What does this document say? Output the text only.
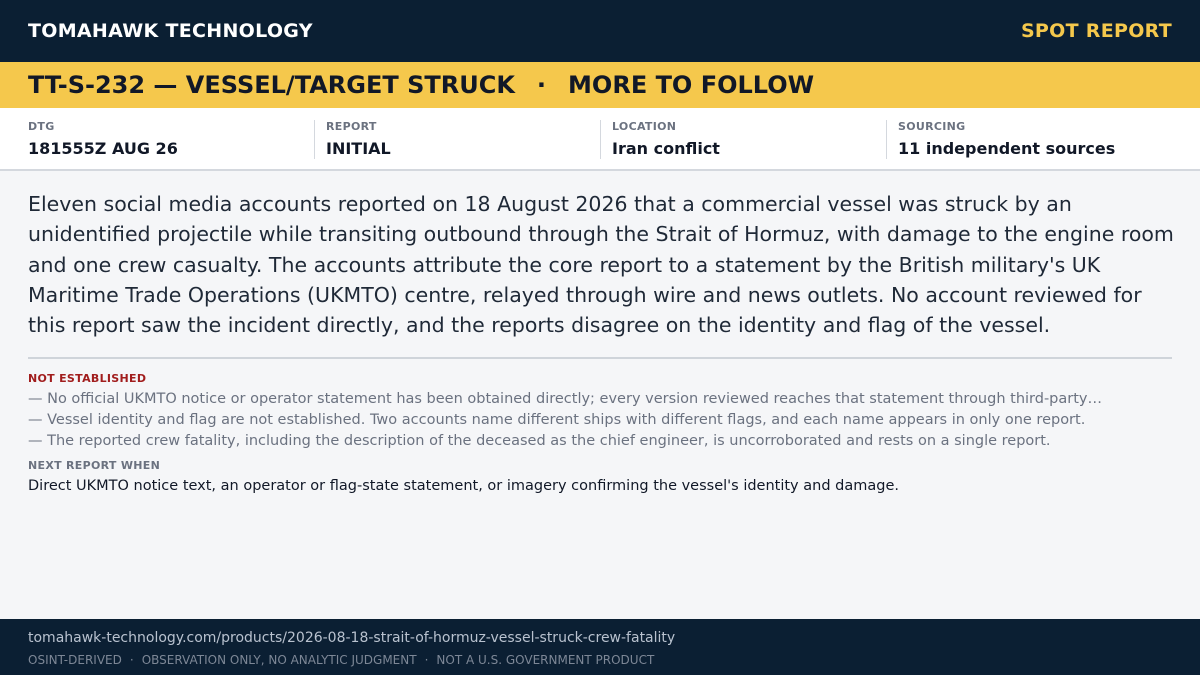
TOMAHAWK TECHNOLOGY	SPOT REPORT
TT-S-232 — VESSEL/TARGET STRUCK · MORE TO FOLLOW
DTG
181555Z AUG 26
REPORT
INITIAL
LOCATION
Iran conflict
SOURCING
11 independent sources
Eleven social media accounts reported on 18 August 2026 that a commercial vessel was struck by an unidentified projectile while transiting outbound through the Strait of Hormuz, with damage to the engine room and one crew casualty. The accounts attribute the core report to a statement by the British military's UK Maritime Trade Operations (UKMTO) centre, relayed through wire and news outlets. No account reviewed for this report saw the incident directly, and the reports disagree on the identity and flag of the vessel.
NOT ESTABLISHED
— No official UKMTO notice or operator statement has been obtained directly; every version reviewed reaches that statement through third-party…
— Vessel identity and flag are not established. Two accounts name different ships with different flags, and each name appears in only one report.
— The reported crew fatality, including the description of the deceased as the chief engineer, is uncorroborated and rests on a single report.
NEXT REPORT WHEN
Direct UKMTO notice text, an operator or flag-state statement, or imagery confirming the vessel's identity and damage.
tomahawk-technology.com/products/2026-08-18-strait-of-hormuz-vessel-struck-crew-fatality
OSINT-DERIVED · OBSERVATION ONLY, NO ANALYTIC JUDGMENT · NOT A U.S. GOVERNMENT PRODUCT
